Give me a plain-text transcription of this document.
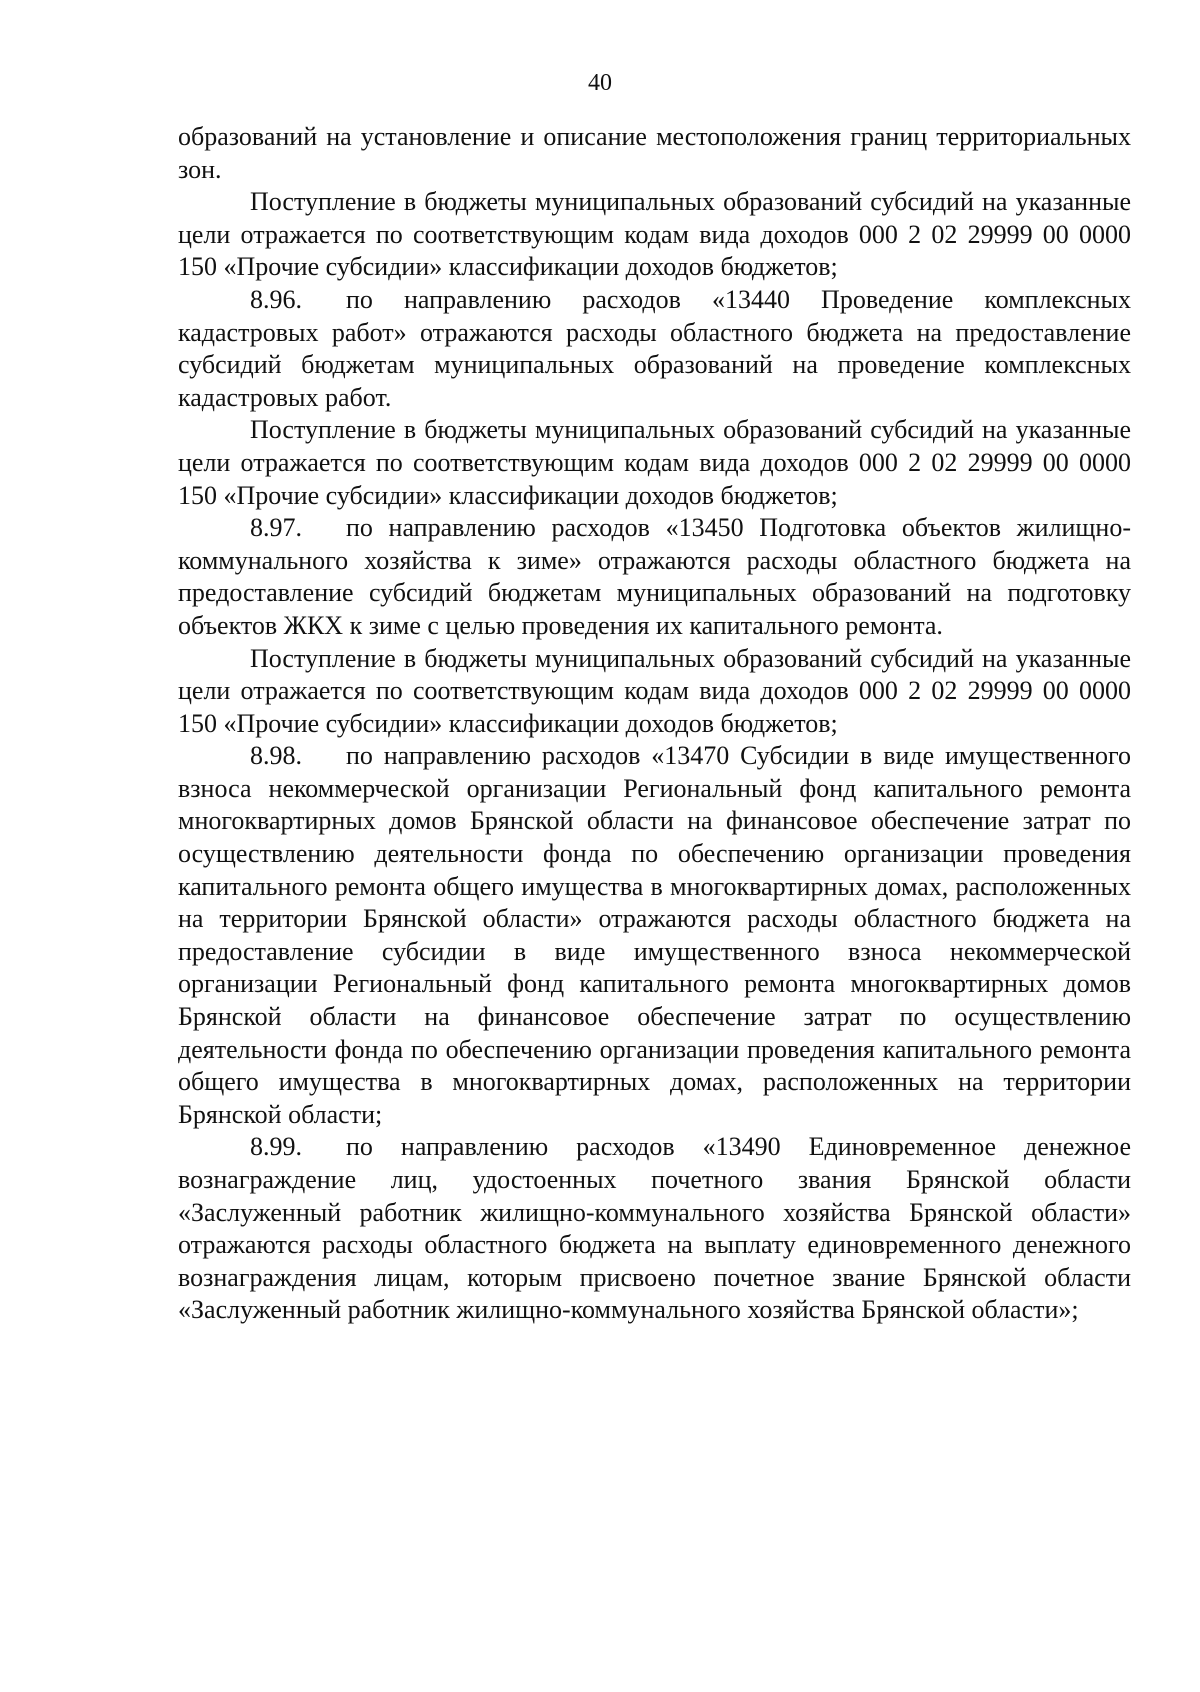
40

образований на установление и описание местоположения границ территориальных зон.

Поступление в бюджеты муниципальных образований субсидий на указанные цели отражается по соответствующим кодам вида доходов 000 2 02 29999 00 0000 150 «Прочие субсидии» классификации доходов бюджетов;

8.96. по направлению расходов «13440 Проведение комплексных кадастровых работ» отражаются расходы областного бюджета на предоставление субсидий бюджетам муниципальных образований на проведение комплексных кадастровых работ.

Поступление в бюджеты муниципальных образований субсидий на указанные цели отражается по соответствующим кодам вида доходов 000 2 02 29999 00 0000 150 «Прочие субсидии» классификации доходов бюджетов;

8.97. по направлению расходов «13450 Подготовка объектов жилищно-коммунального хозяйства к зиме» отражаются расходы областного бюджета на предоставление субсидий бюджетам муниципальных образований на подготовку объектов ЖКХ к зиме с целью проведения их капитального ремонта.

Поступление в бюджеты муниципальных образований субсидий на указанные цели отражается по соответствующим кодам вида доходов 000 2 02 29999 00 0000 150 «Прочие субсидии» классификации доходов бюджетов;

8.98. по направлению расходов «13470 Субсидии в виде имущественного взноса некоммерческой организации Региональный фонд капитального ремонта многоквартирных домов Брянской области на финансовое обеспечение затрат по осуществлению деятельности фонда по обеспечению организации проведения капитального ремонта общего имущества в многоквартирных домах, расположенных на территории Брянской области» отражаются расходы областного бюджета на предоставление субсидии в виде имущественного взноса некоммерческой организации Региональный фонд капитального ремонта многоквартирных домов Брянской области на финансовое обеспечение затрат по осуществлению деятельности фонда по обеспечению организации проведения капитального ремонта общего имущества в многоквартирных домах, расположенных на территории Брянской области;

8.99. по направлению расходов «13490 Единовременное денежное вознаграждение лиц, удостоенных почетного звания Брянской области «Заслуженный работник жилищно-коммунального хозяйства Брянской области» отражаются расходы областного бюджета на выплату единовременного денежного вознаграждения лицам, которым присвоено почетное звание Брянской области «Заслуженный работник жилищно-коммунального хозяйства Брянской области»;
